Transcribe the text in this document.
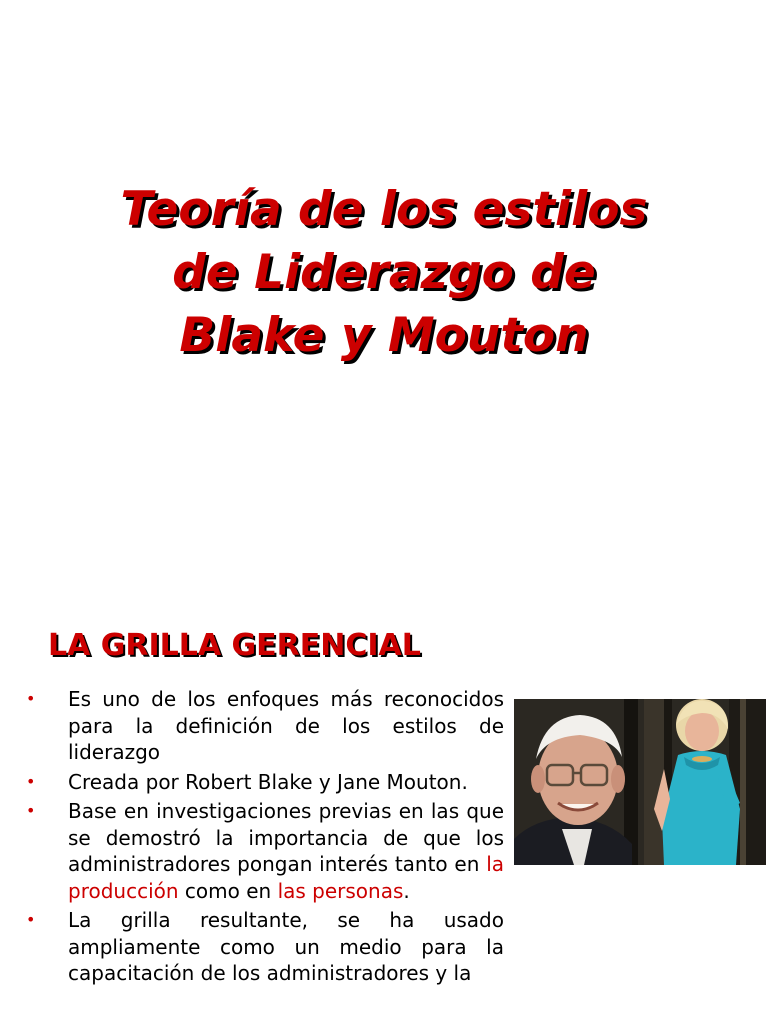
Teoría de los estilos
de Liderazgo de
Blake y Mouton
LA GRILLA GERENCIAL
• Es uno de los enfoques más reconocidos para la definición de los estilos de liderazgo
• Creada por Robert Blake y Jane Mouton.
• Base en investigaciones previas en las que se demostró la importancia de que los administradores pongan interés tanto en la producción como en las personas.
• La grilla resultante, se ha usado ampliamente como un medio para la capacitación de los administradores y la
